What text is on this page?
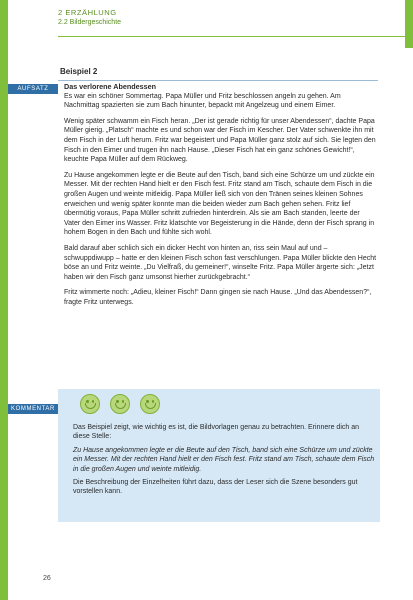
2 ERZÄHLUNG
2.2 Bildergeschichte
Beispiel 2
AUFSATZ	Das verlorene Abendessen

Es war ein schöner Sommertag. Papa Müller und Fritz beschlossen angeln zu gehen. Am Nachmittag spazierten sie zum Bach hinunter, bepackt mit Angelzeug und einem Eimer.

Wenig später schwamm ein Fisch heran. „Der ist gerade richtig für unser Abendessen“, dachte Papa Müller gierig. „Platsch“ machte es und schon war der Fisch im Kescher. Der Vater schwenkte ihn mit dem Fisch in der Luft herum. Fritz war begeistert und Papa Müller ganz stolz auf sich. Sie legten den Fisch in den Eimer und trugen ihn nach Hause. „Dieser Fisch hat ein ganz schönes Gewicht!“, keuchte Papa Müller auf dem Rückweg.

Zu Hause angekommen legte er die Beute auf den Tisch, band sich eine Schürze um und zückte ein Messer. Mit der rechten Hand hielt er den Fisch fest. Fritz stand am Tisch, schaute dem Fisch in die großen Augen und weinte mitleidig. Papa Müller ließ sich von den Tränen seines kleinen Sohnes erweichen und wenig später konnte man die beiden wieder zum Bach gehen sehen. Fritz lief übermütig voraus, Papa Müller schritt zufrieden hinterdrein. Als sie am Bach standen, leerte der Vater den Eimer ins Wasser. Fritz klatschte vor Begeisterung in die Hände, denn der Fisch sprang in hohem Bogen in den Bach und fühlte sich wohl.

Bald darauf aber schlich sich ein dicker Hecht von hinten an, riss sein Maul auf und – schwuppdiwupp – hatte er den kleinen Fisch schon fast verschlungen. Papa Müller blickte den Hecht böse an und Fritz weinte. „Du Vielfraß, du gemeiner!“, winselte Fritz. Papa Müller ärgerte sich: „Jetzt haben wir den Fisch ganz umsonst hierher zurückgebracht.“

Fritz wimmerte noch: „Adieu, kleiner Fisch!“ Dann gingen sie nach Hause. „Und das Abendessen?“, fragte Fritz unterwegs.

KOMMENTAR

Das Beispiel zeigt, wie wichtig es ist, die Bildvorlagen genau zu betrachten. Erinnere dich an diese Stelle:

Zu Hause angekommen legte er die Beute auf den Tisch, band sich eine Schürze um und zückte ein Messer. Mit der rechten Hand hielt er den Fisch fest. Fritz stand am Tisch, schaute dem Fisch in die großen Augen und weinte mitleidig.

Die Beschreibung der Einzelheiten führt dazu, dass der Leser sich die Szene besonders gut vorstellen kann.

26
